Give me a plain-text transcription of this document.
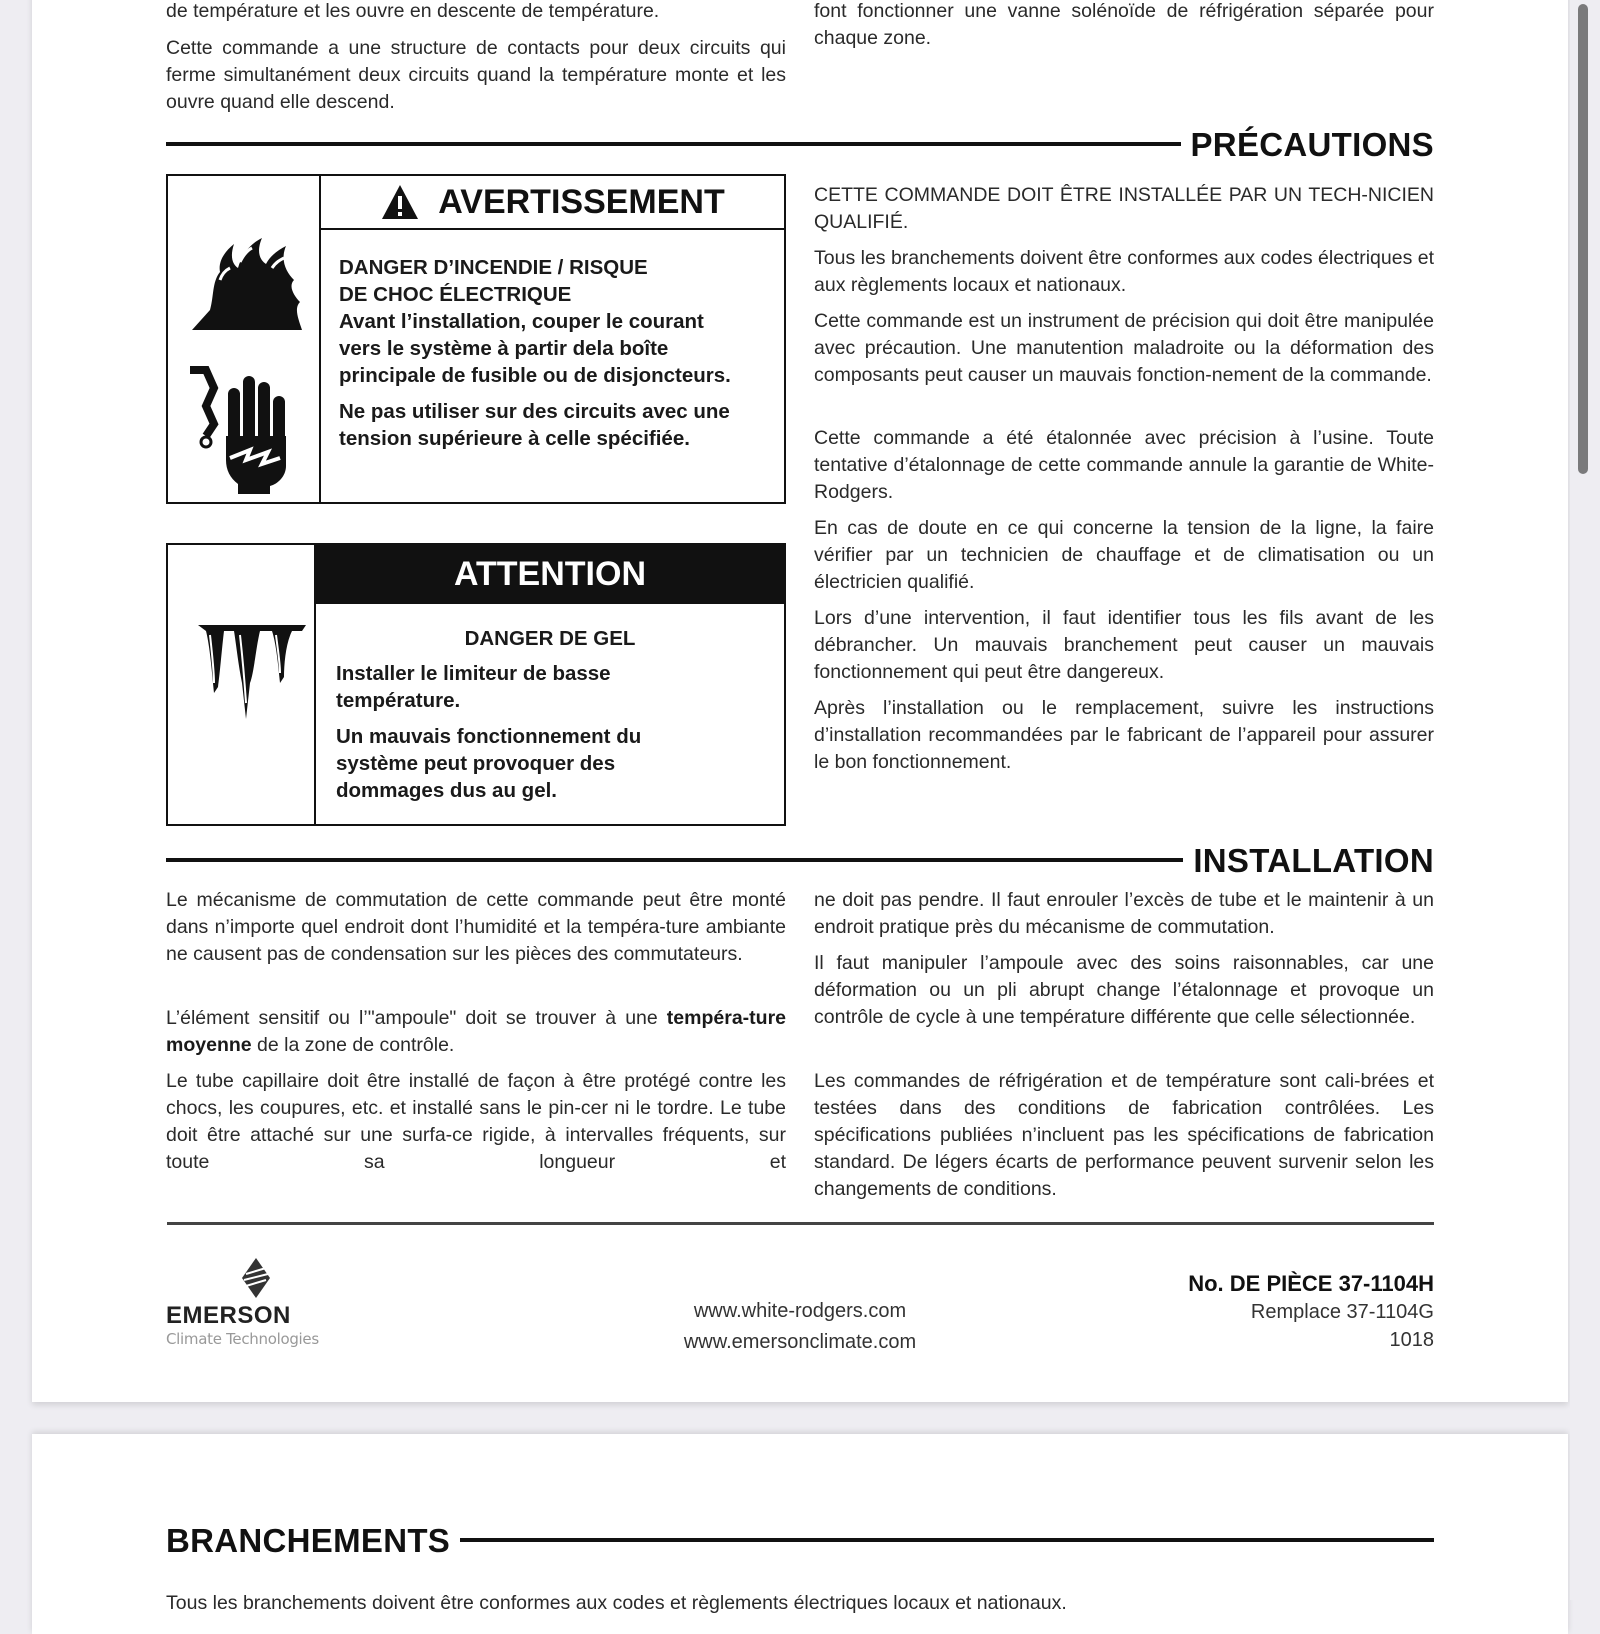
de température et les ouvre en descente de température.
Cette commande a une structure de contacts pour deux circuits qui ferme simultanément deux circuits quand la température monte et les ouvre quand elle descend.
font fonctionner une vanne solénoïde de réfrigération séparée pour chaque zone.
PRÉCAUTIONS
AVERTISSEMENT
DANGER D’INCENDIE / RISQUE
DE CHOC ÉLECTRIQUE
Avant l’installation, couper le courant vers le système à partir dela boîte principale de fusible ou de disjoncteurs.
Ne pas utiliser sur des circuits avec une tension supérieure à celle spécifiée.
ATTENTION
DANGER DE GEL
Installer le limiteur de basse température.
Un mauvais fonctionnement du système peut provoquer des dommages dus au gel.
CETTE COMMANDE DOIT ÊTRE INSTALLÉE PAR UN TECH-NICIEN QUALIFIÉ.
Tous les branchements doivent être conformes aux codes électriques et aux règlements locaux et nationaux.
Cette commande est un instrument de précision qui doit être manipulée avec précaution. Une manutention maladroite ou la déformation des composants peut causer un mauvais fonction-nement de la commande.
Cette commande a été étalonnée avec précision à l’usine. Toute tentative d’étalonnage de cette commande annule la garantie de White-Rodgers.
En cas de doute en ce qui concerne la tension de la ligne, la faire vérifier par un technicien de chauffage et de climatisation ou un électricien qualifié.
Lors d’une intervention, il faut identifier tous les fils avant de les débrancher. Un mauvais branchement peut causer un mauvais fonctionnement qui peut être dangereux.
Après l’installation ou le remplacement, suivre les instructions d’installation recommandées par le fabricant de l’appareil pour assurer le bon fonctionnement.
INSTALLATION
Le mécanisme de commutation de cette commande peut être monté dans n’importe quel endroit dont l’humidité et la tempéra-ture ambiante ne causent pas de condensation sur les pièces des commutateurs.
L’élément sensitif ou l’"ampoule" doit se trouver à une tempéra-ture moyenne de la zone de contrôle.
Le tube capillaire doit être installé de façon à être protégé contre les chocs, les coupures, etc. et installé sans le pin-cer ni le tordre. Le tube doit être attaché sur une surfa-ce rigide, à intervalles fréquents, sur toute sa longueur et
ne doit pas pendre. Il faut enrouler l’excès de tube et le maintenir à un endroit pratique près du mécanisme de commutation.
Il faut manipuler l’ampoule avec des soins raisonnables, car une déformation ou un pli abrupt change l’étalonnage et provoque un contrôle de cycle à une température différente que celle sélectionnée.
Les commandes de réfrigération et de température sont cali-brées et testées dans des conditions de fabrication contrôlées. Les spécifications publiées n’incluent pas les spécifications de fabrication standard. De légers écarts de performance peuvent survenir selon les changements de conditions.
EMERSON
Climate Technologies
www.white-rodgers.com
www.emersonclimate.com
No. DE PIÈCE 37-1104H
Remplace 37-1104G
1018
BRANCHEMENTS
Tous les branchements doivent être conformes aux codes et règlements électriques locaux et nationaux.
